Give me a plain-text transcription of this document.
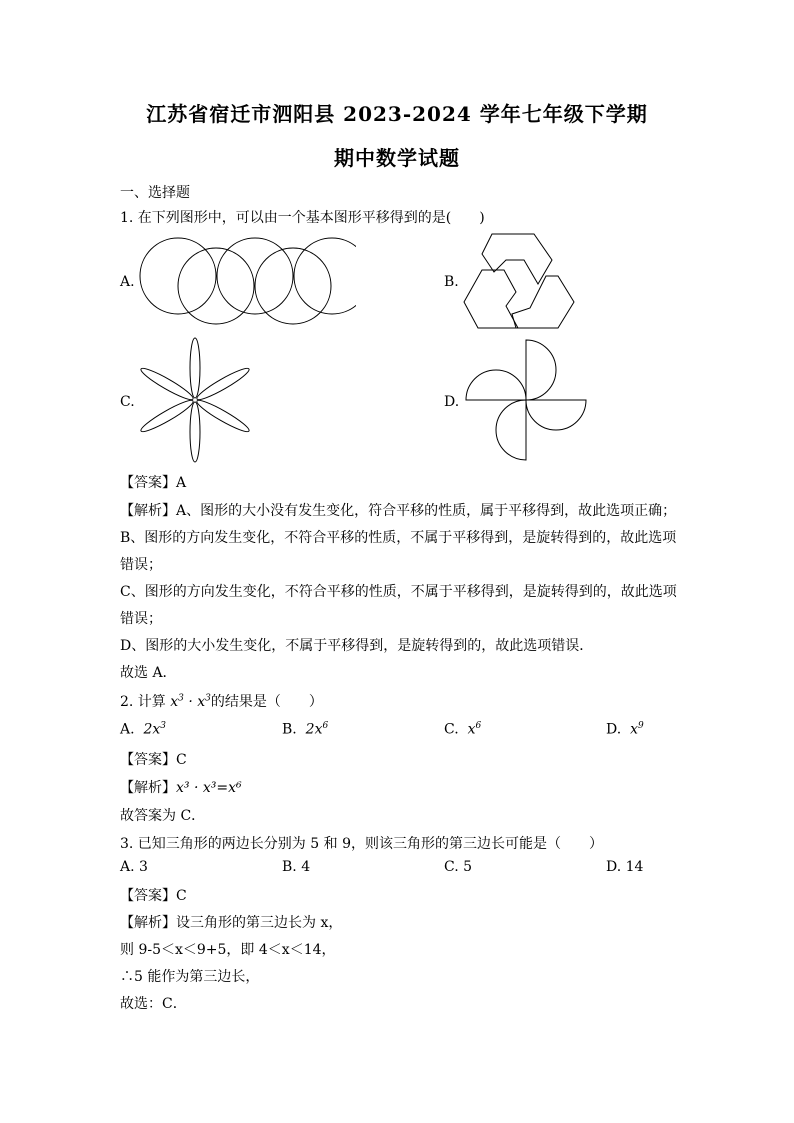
江苏省宿迁市泗阳县 2023-2024 学年七年级下学期
期中数学试题
一、选择题
1. 在下列图形中，可以由一个基本图形平移得到的是(　　)
A.	B.
C.	D.
【答案】A
【解析】A、图形的大小没有发生变化，符合平移的性质，属于平移得到，故此选项正确；
B、图形的方向发生变化，不符合平移的性质，不属于平移得到，是旋转得到的，故此选项
错误；
C、图形的方向发生变化，不符合平移的性质，不属于平移得到，是旋转得到的，故此选项
错误；
D、图形的大小发生变化，不属于平移得到，是旋转得到的，故此选项错误．
故选 A．
2. 计算 $x^3 \cdot x^3$的结果是（　　）
A. $2x^3$	B. $2x^6$	C. $x^6$	D. $x^9$
【答案】C
【解析】x³ · x³=x⁶
故答案为 C．
3. 已知三角形的两边长分别为 5 和 9，则该三角形的第三边长可能是（　　）
A. 3	B. 4	C. 5	D. 14
【答案】C
【解析】设三角形的第三边长为 x，
则 9-5＜x＜9+5，即 4＜x＜14，
∴5 能作为第三边长，
故选：C．
